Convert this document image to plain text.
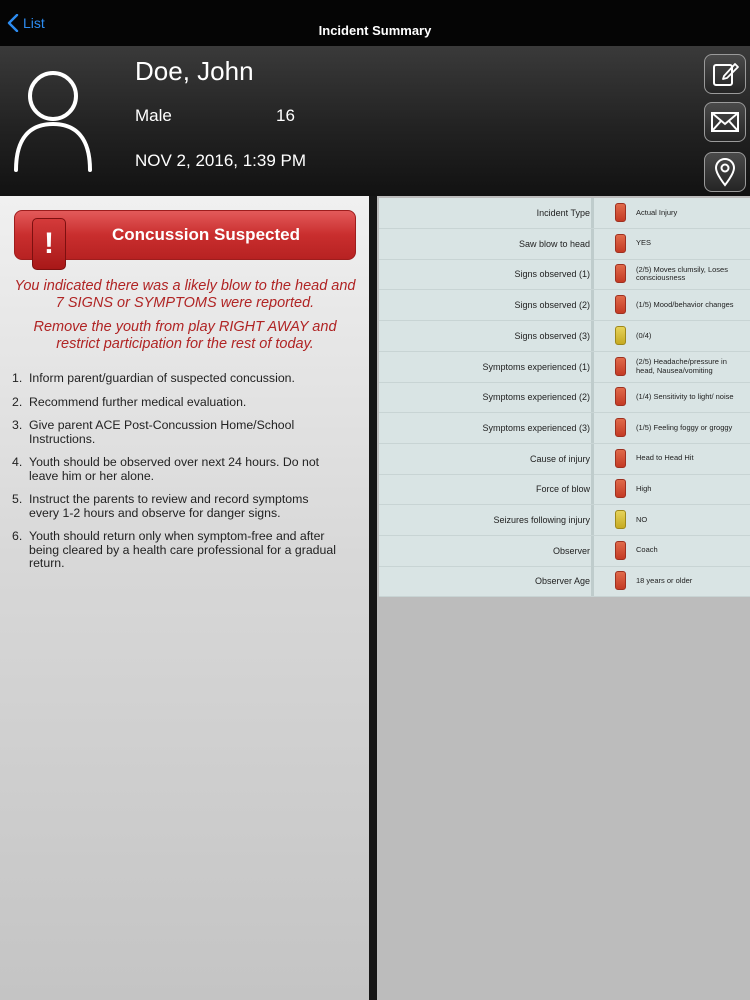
List	Incident Summary
Doe, John
Male	16
NOV 2, 2016, 1:39 PM
Concussion Suspected
!
You indicated there was a likely blow to the head and 7 SIGNS or SYMPTOMS were reported.
Remove the youth from play RIGHT AWAY and restrict participation for the rest of today.
1. Inform parent/guardian of suspected concussion.
2. Recommend further medical evaluation.
3. Give parent ACE Post-Concussion Home/School Instructions.
4. Youth should be observed over next 24 hours. Do not leave him or her alone.
5. Instruct the parents to review and record symptoms every 1-2 hours and observe for danger signs.
6. Youth should return only when symptom-free and after being cleared by a health care professional for a gradual return.
Incident Type	Actual Injury
Saw blow to head	YES
Signs observed (1)	(2/5) Moves clumsily, Loses consciousness
Signs observed (2)	(1/5) Mood/behavior changes
Signs observed (3)	(0/4)
Symptoms experienced (1)	(2/5) Headache/pressure in head, Nausea/vomiting
Symptoms experienced (2)	(1/4) Sensitivity to light/ noise
Symptoms experienced (3)	(1/5) Feeling foggy or groggy
Cause of injury	Head to Head Hit
Force of blow	High
Seizures following injury	NO
Observer	Coach
Observer Age	18 years or older
